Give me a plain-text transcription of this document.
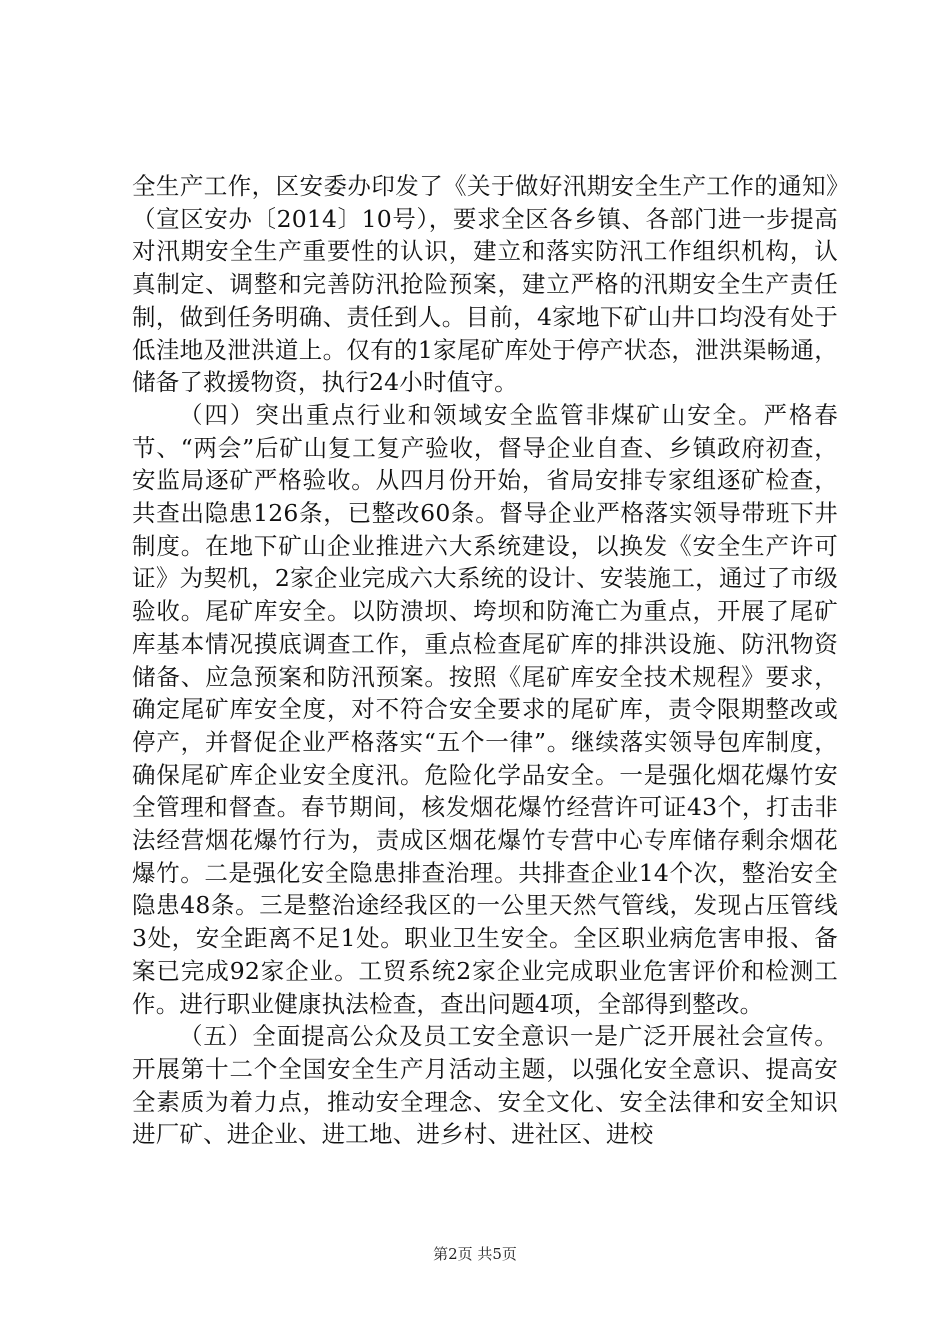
全生产工作，区安委办印发了《关于做好汛期安全生产工作的通知》（宣区安办〔2014〕10号），要求全区各乡镇、各部门进一步提高对汛期安全生产重要性的认识，建立和落实防汛工作组织机构，认真制定、调整和完善防汛抢险预案，建立严格的汛期安全生产责任制，做到任务明确、责任到人。目前，4家地下矿山井口均没有处于低洼地及泄洪道上。仅有的1家尾矿库处于停产状态，泄洪渠畅通，储备了救援物资，执行24小时值守。

（四）突出重点行业和领域安全监管非煤矿山安全。严格春节、“两会”后矿山复工复产验收，督导企业自查、乡镇政府初查，安监局逐矿严格验收。从四月份开始，省局安排专家组逐矿检查，共查出隐患126条，已整改60条。督导企业严格落实领导带班下井制度。在地下矿山企业推进六大系统建设，以换发《安全生产许可证》为契机，2家企业完成六大系统的设计、安装施工，通过了市级验收。尾矿库安全。以防溃坝、垮坝和防淹亡为重点，开展了尾矿库基本情况摸底调查工作，重点检查尾矿库的排洪设施、防汛物资储备、应急预案和防汛预案。按照《尾矿库安全技术规程》要求，确定尾矿库安全度，对不符合安全要求的尾矿库，责令限期整改或停产，并督促企业严格落实“五个一律”。继续落实领导包库制度，确保尾矿库企业安全度汛。危险化学品安全。一是强化烟花爆竹安全管理和督查。春节期间，核发烟花爆竹经营许可证43个，打击非法经营烟花爆竹行为，责成区烟花爆竹专营中心专库储存剩余烟花爆竹。二是强化安全隐患排查治理。共排查企业14个次，整治安全隐患48条。三是整治途经我区的一公里天然气管线，发现占压管线3处，安全距离不足1处。职业卫生安全。全区职业病危害申报、备案已完成92家企业。工贸系统2家企业完成职业危害评价和检测工作。进行职业健康执法检查，查出问题4项，全部得到整改。

（五）全面提高公众及员工安全意识一是广泛开展社会宣传。开展第十二个全国安全生产月活动主题，以强化安全意识、提高安全素质为着力点，推动安全理念、安全文化、安全法律和安全知识进厂矿、进企业、进工地、进乡村、进社区、进校

第2页 共5页
